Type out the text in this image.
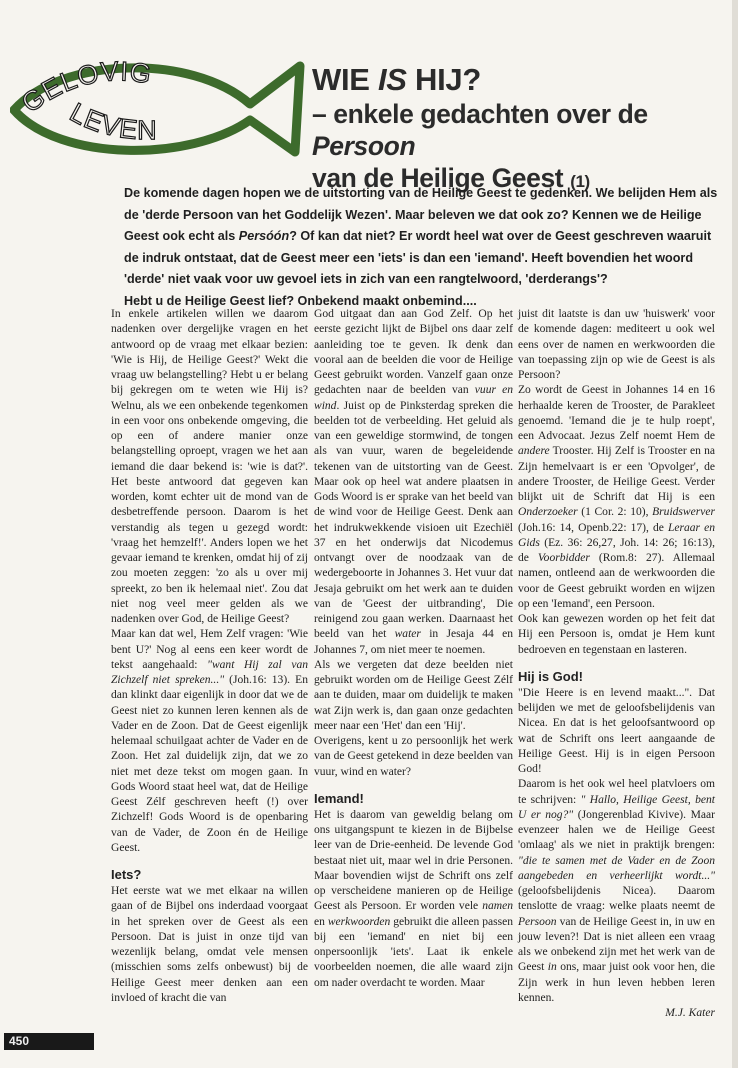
GELOVIG
LEVEN
WIE IS HIJ?
– enkele gedachten over de Persoon
van de Heilige Geest (1)

De komende dagen hopen we de uitstorting van de Heilige Geest te gedenken. We belijden Hem als de 'derde Persoon van het Goddelijk Wezen'. Maar beleven we dat ook zo? Kennen we de Heilige Geest ook echt als Persóón? Of kan dat niet? Er wordt heel wat over de Geest geschreven waaruit de indruk ontstaat, dat de Geest meer een 'iets' is dan een 'iemand'. Heeft bovendien het woord 'derde' niet vaak voor uw gevoel iets in zich van een rangtelwoord, 'derderangs'?

Hebt u de Heilige Geest lief? Onbekend maakt onbemind....

In enkele artikelen willen we daarom nadenken over dergelijke vragen en het antwoord op de vraag met elkaar bezien: 'Wie is Hij, de Heilige Geest?' Wekt die vraag uw belangstelling? Hebt u er belang bij gekregen om te weten wie Hij is? Welnu, als we een onbekende tegenkomen in een voor ons onbekende omgeving, die op een of andere manier onze belangstelling oproept, vragen we het aan iemand die daar bekend is: 'wie is dat?'. Het beste antwoord dat gegeven kan worden, komt echter uit de mond van de desbetreffende persoon. Daarom is het verstandig als tegen u gezegd wordt: 'vraag het hemzelf!'. Anders lopen we het gevaar iemand te krenken, omdat hij of zij zou moeten zeggen: 'zo als u over mij spreekt, zo ben ik helemaal niet'. Zou dat niet nog veel meer gelden als we nadenken over God, de Heilige Geest?

Maar kan dat wel, Hem Zelf vragen: 'Wie bent U?' Nog al eens een keer wordt de tekst aangehaald: "want Hij zal van Zichzelf niet spreken..." (Joh.16: 13). En dan klinkt daar eigenlijk in door dat we de Geest niet zo kunnen leren kennen als de Vader en de Zoon. Dat de Geest eigenlijk helemaal schuilgaat achter de Vader en de Zoon. Het zal duidelijk zijn, dat we zo niet met deze tekst om mogen gaan. In Gods Woord staat heel wat, dat de Heilige Geest Zélf geschreven heeft (!) over Zichzelf! Gods Woord is de openbaring van de Vader, de Zoon én de Heilige Geest.

Iets?

Het eerste wat we met elkaar na willen gaan of de Bijbel ons inderdaad voorgaat in het spreken over de Geest als een Persoon. Dat is juist in onze tijd van wezenlijk belang, omdat vele mensen (misschien soms zelfs onbewust) bij de Heilige Geest meer denken aan een invloed of kracht die van

God uitgaat dan aan God Zelf. Op het eerste gezicht lijkt de Bijbel ons daar zelf aanleiding toe te geven. Ik denk dan vooral aan de beelden die voor de Heilige Geest gebruikt worden. Vanzelf gaan onze gedachten naar de beelden van vuur en wind. Juist op de Pinksterdag spreken die beelden tot de verbeelding. Het geluid als van een geweldige stormwind, de tongen als van vuur, waren de begeleidende tekenen van de uitstorting van de Geest. Maar ook op heel wat andere plaatsen in Gods Woord is er sprake van het beeld van de wind voor de Heilige Geest. Denk aan het indrukwekkende visioen uit Ezechiël 37 en het onderwijs dat Nicodemus ontvangt over de noodzaak van de wedergeboorte in Johannes 3. Het vuur dat Jesaja gebruikt om het werk aan te duiden van de 'Geest der uitbranding', Die reinigend zou gaan werken. Daarnaast het beeld van het water in Jesaja 44 en Johannes 7, om niet meer te noemen.

Als we vergeten dat deze beelden niet gebruikt worden om de Heilige Geest Zélf aan te duiden, maar om duidelijk te maken wat Zijn werk is, dan gaan onze gedachten meer naar een 'Het' dan een 'Hij'.

Overigens, kent u zo persoonlijk het werk van de Geest getekend in deze beelden van vuur, wind en water?

Iemand!

Het is daarom van geweldig belang om ons uitgangspunt te kiezen in de Bijbelse leer van de Drie-eenheid. De levende God bestaat niet uit, maar wel in drie Personen. Maar bovendien wijst de Schrift ons zelf op verscheidene manieren op de Heilige Geest als Persoon. Er worden vele namen en werkwoorden gebruikt die alleen passen bij een 'iemand' en niet bij een onpersoonlijk 'iets'. Laat ik enkele voorbeelden noemen, die alle waard zijn om nader overdacht te worden. Maar

juist dit laatste is dan uw 'huiswerk' voor de komende dagen: mediteert u ook wel eens over de namen en werkwoorden die van toepassing zijn op wie de Geest is als Persoon?

Zo wordt de Geest in Johannes 14 en 16 herhaalde keren de Trooster, de Parakleet genoemd. 'Iemand die je te hulp roept', een Advocaat. Jezus Zelf noemt Hem de andere Trooster. Hij Zelf is Trooster en na Zijn hemelvaart is er een 'Opvolger', de andere Trooster, de Heilige Geest. Verder blijkt uit de Schrift dat Hij is een Onderzoeker (1 Cor. 2: 10), Bruidswerver (Joh.16: 14, Openb.22: 17), de Leraar en Gids (Ez. 36: 26,27, Joh. 14: 26; 16:13), de Voorbidder (Rom.8: 27). Allemaal namen, ontleend aan de werkwoorden die voor de Geest gebruikt worden en wijzen op een 'Iemand', een Persoon.

Ook kan gewezen worden op het feit dat Hij een Persoon is, omdat je Hem kunt bedroeven en tegenstaan en lasteren.

Hij is God!

"Die Heere is en levend maakt...". Dat belijden we met de geloofsbelijdenis van Nicea. En dat is het geloofsantwoord op wat de Schrift ons leert aangaande de Heilige Geest. Hij is in eigen Persoon God!

Daarom is het ook wel heel platvloers om te schrijven: " Hallo, Heilige Geest, bent U er nog?" (Jongerenblad Kivive). Maar evenzeer halen we de Heilige Geest 'omlaag' als we niet in praktijk brengen: "die te samen met de Vader en de Zoon aangebeden en verheerlijkt wordt..." (geloofsbelijdenis Nicea). Daarom tenslotte de vraag: welke plaats neemt de Persoon van de Heilige Geest in, in uw en jouw leven?! Dat is niet alleen een vraag als we onbekend zijn met het werk van de Geest in ons, maar juist ook voor hen, die Zijn werk in hun leven hebben leren kennen.

M.J. Kater

450
